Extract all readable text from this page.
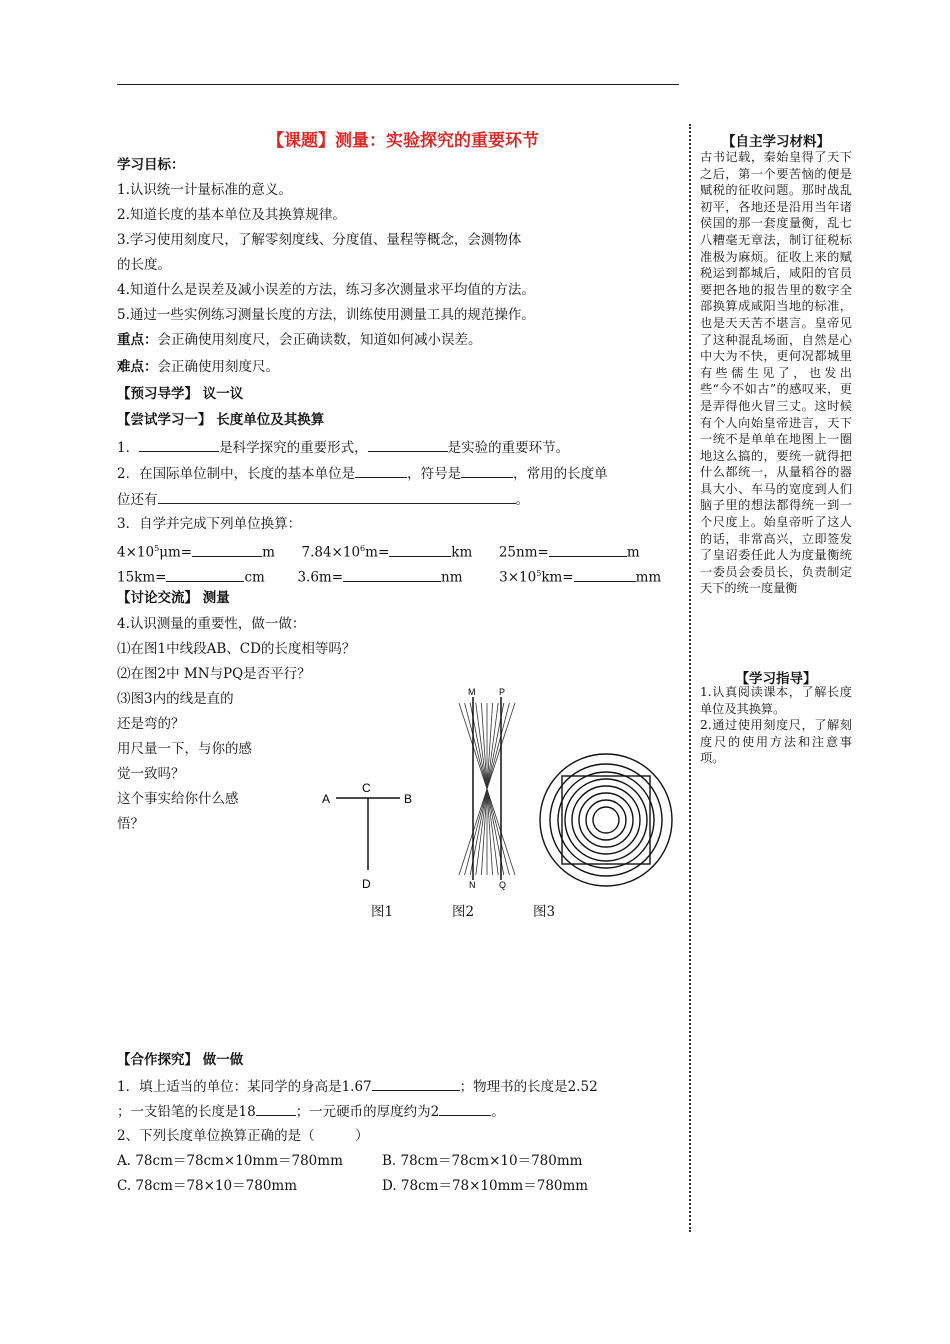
【课题】测量：实验探究的重要环节
学习目标：
1.认识统一计量标准的意义。
2.知道长度的基本单位及其换算规律。
3.学习使用刻度尺，了解零刻度线、分度值、量程等概念，会测物体
的长度。
4.知道什么是误差及减小误差的方法，练习多次测量求平均值的方法。
5.通过一些实例练习测量长度的方法，训练使用测量工具的规范操作。
重点：会正确使用刻度尺，会正确读数，知道如何减小误差。
难点：会正确使用刻度尺。
【预习导学】 议一议
【尝试学习一】 长度单位及其换算
1．	是科学探究的重要形式，	是实验的重要环节。
2．在国际单位制中，长度的基本单位是	，符号是	，常用的长度单
位还有	。
3．自学并完成下列单位换算：
$4\times 10^5\mu m=$	m $7.84\times 10^6m=$	km 25nm=	m
15km=	cm 3.6m=	nm	$3\times 10^5km=$	mm
【讨论交流】 测量
4.认识测量的重要性，做一做：
⑴在图1中线段AB、CD的长度相等吗？
⑵在图2中 MN与PQ是否平行？
⑶图3内的线是直的
还是弯的？
用尺量一下，与你的感
觉一致吗？
这个事实给你什么感
悟？
A
C
B
D
M	P
N	Q
图1	图2	图3
【合作探究】 做一做
1．填上适当的单位：某同学的身高是1.67	；物理书的长度是2.52
；一支铅笔的长度是18	；一元硬币的厚度约为2	。
2、下列长度单位换算正确的是（　　　）
A. 78cm＝78cm×10mm＝780mm	B. 78cm＝78cm×10＝780mm
C. 78cm＝78×10＝780mm	D. 78cm＝78×10mm＝780mm
【自主学习材料】
古书记载，秦始皇得了天下之后，第一个要苦恼的便是赋税的征收问题。那时战乱初平，各地还是沿用当年诸侯国的那一套度量衡，乱七八糟毫无章法，制订征税标准极为麻烦。征收上来的赋税运到都城后，咸阳的官员要把各地的报告里的数字全部换算成咸阳当地的标准，也是天天苦不堪言。皇帝见了这种混乱场面，自然是心中大为不快，更何况都城里有些儒生见了，也发出些“今不如古”的感叹来，更是弄得他火冒三丈。这时候有个人向始皇帝进言，天下一统不是单单在地图上一圈地这么搞的，要统一就得把什么都统一，从量稻谷的器具大小、车马的宽度到人们脑子里的想法都得统一到一个尺度上。始皇帝听了这人的话，非常高兴，立即签发了皇诏委任此人为度量衡统一委员会委员长，负责制定天下的统一度量衡
【学习指导】
1.认真阅读课本，了解长度单位及其换算。
2.通过使用刻度尺，了解刻度尺的使用方法和注意事项。
